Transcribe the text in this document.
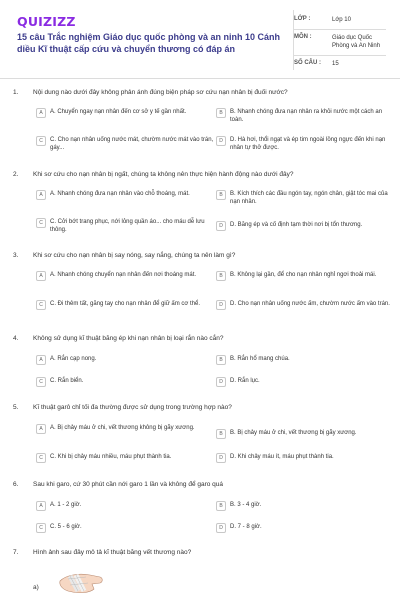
QUIZIZZ
15 câu Trắc nghiệm Giáo dục quốc phòng và an ninh 10 Cánh diều Kĩ thuật cấp cứu và chuyển thương có đáp án
LỚP :	Lớp 10
MÔN :	Giáo dục Quốc Phòng và An Ninh
SỐ CÂU :	15
1. Nội dung nào dưới đây không phản ánh đúng biện pháp sơ cứu nạn nhân bị đuối nước?
A	A. Chuyển ngay nạn nhân đến cơ sở y tế gần nhất.	B	B. Nhanh chóng đưa nạn nhân ra khỏi nước một cách an toàn.
C	C. Cho nạn nhân uống nước mát, chườm nước mát vào trán, gáy...
D	D. Hà hơi, thổi ngạt và ép tim ngoài lồng ngực đến khi nạn nhân tự thở được.
2. Khi sơ cứu cho nạn nhân bị ngất, chúng ta không nên thực hiện hành động nào dưới đây?
A	A. Nhanh chóng đưa nạn nhân vào chỗ thoáng, mát.	B	B. Kích thích các đầu ngón tay, ngón chân, giật tóc mai của nạn nhân.
C	C. Cởi bớt trang phục, nới lỏng quần áo... cho máu dễ lưu thông.
D	D. Băng ép và cố định tạm thời nơi bị tổn thương.
3. Khi sơ cứu cho nạn nhân bị say nóng, say nắng, chúng ta nên làm gì?
A	A. Nhanh chóng chuyển nạn nhân đến nơi thoáng mát.	B	B. Không lại gần, để cho nạn nhân nghỉ ngơi thoải mái.
C	C. Đi thêm tất, găng tay cho nạn nhân để giữ ấm cơ thể.	D	D. Cho nạn nhân uống nước ấm, chườm nước ấm vào trán.
4. Không sử dụng kĩ thuật băng ép khi nạn nhân bị loại rắn nào cắn?
A	A. Rắn cạp nong.	B	B. Rắn hổ mang chúa.
C	C. Rắn biển.	D	D. Rắn lục.
5. Kĩ thuật garô chỉ tối đa thường được sử dụng trong trường hợp nào?
A	A. Bị chảy máu ở chi, vết thương không bị gãy xương.
B	B. Bị chảy máu ở chi, vết thương bị gãy xương.
C	C. Khi bị chảy máu nhiều, máu phụt thành tia.	D	D. Khi chảy máu ít, máu phụt thành tia.
6. Sau khi garo, cứ 30 phút cần nới garo 1 lần và không để garo quá
A	A. 1 - 2 giờ.	B	B. 3 - 4 giờ.
C	C. 5 - 6 giờ.	D	D. 7 - 8 giờ.
7. Hình ảnh sau đây mô tả kĩ thuật băng vết thương nào?
a)
